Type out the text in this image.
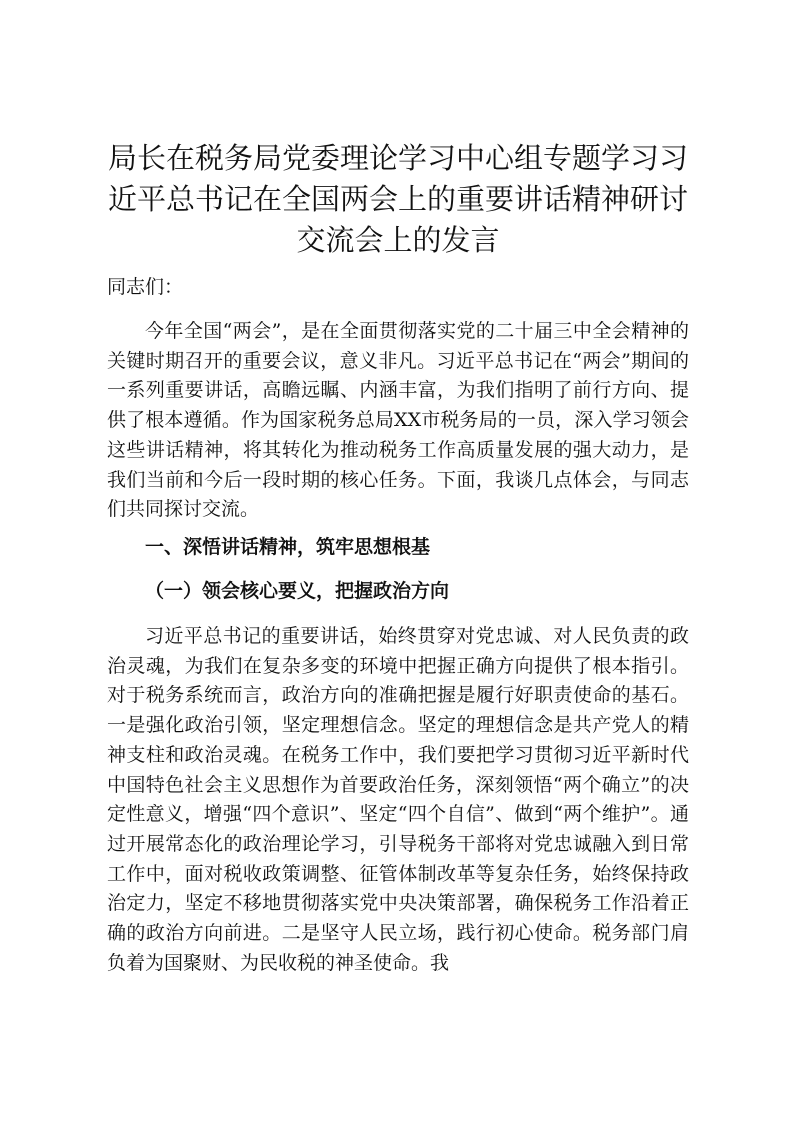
局长在税务局党委理论学习中心组专题学习习近平总书记在全国两会上的重要讲话精神研讨交流会上的发言

同志们：

今年全国“两会”，是在全面贯彻落实党的二十届三中全会精神的关键时期召开的重要会议，意义非凡。习近平总书记在“两会”期间的一系列重要讲话，高瞻远瞩、内涵丰富，为我们指明了前行方向、提供了根本遵循。作为国家税务总局XX市税务局的一员，深入学习领会这些讲话精神，将其转化为推动税务工作高质量发展的强大动力，是我们当前和今后一段时期的核心任务。下面，我谈几点体会，与同志们共同探讨交流。

一、深悟讲话精神，筑牢思想根基
（一）领会核心要义，把握政治方向

习近平总书记的重要讲话，始终贯穿对党忠诚、对人民负责的政治灵魂，为我们在复杂多变的环境中把握正确方向提供了根本指引。对于税务系统而言，政治方向的准确把握是履行好职责使命的基石。一是强化政治引领，坚定理想信念。坚定的理想信念是共产党人的精神支柱和政治灵魂。在税务工作中，我们要把学习贯彻习近平新时代中国特色社会主义思想作为首要政治任务，深刻领悟“两个确立”的决定性意义，增强“四个意识”、坚定“四个自信”、做到“两个维护”。通过开展常态化的政治理论学习，引导税务干部将对党忠诚融入到日常工作中，面对税收政策调整、征管体制改革等复杂任务，始终保持政治定力，坚定不移地贯彻落实党中央决策部署，确保税务工作沿着正确的政治方向前进。二是坚守人民立场，践行初心使命。税务部门肩负着为国聚财、为民收税的神圣使命。我
